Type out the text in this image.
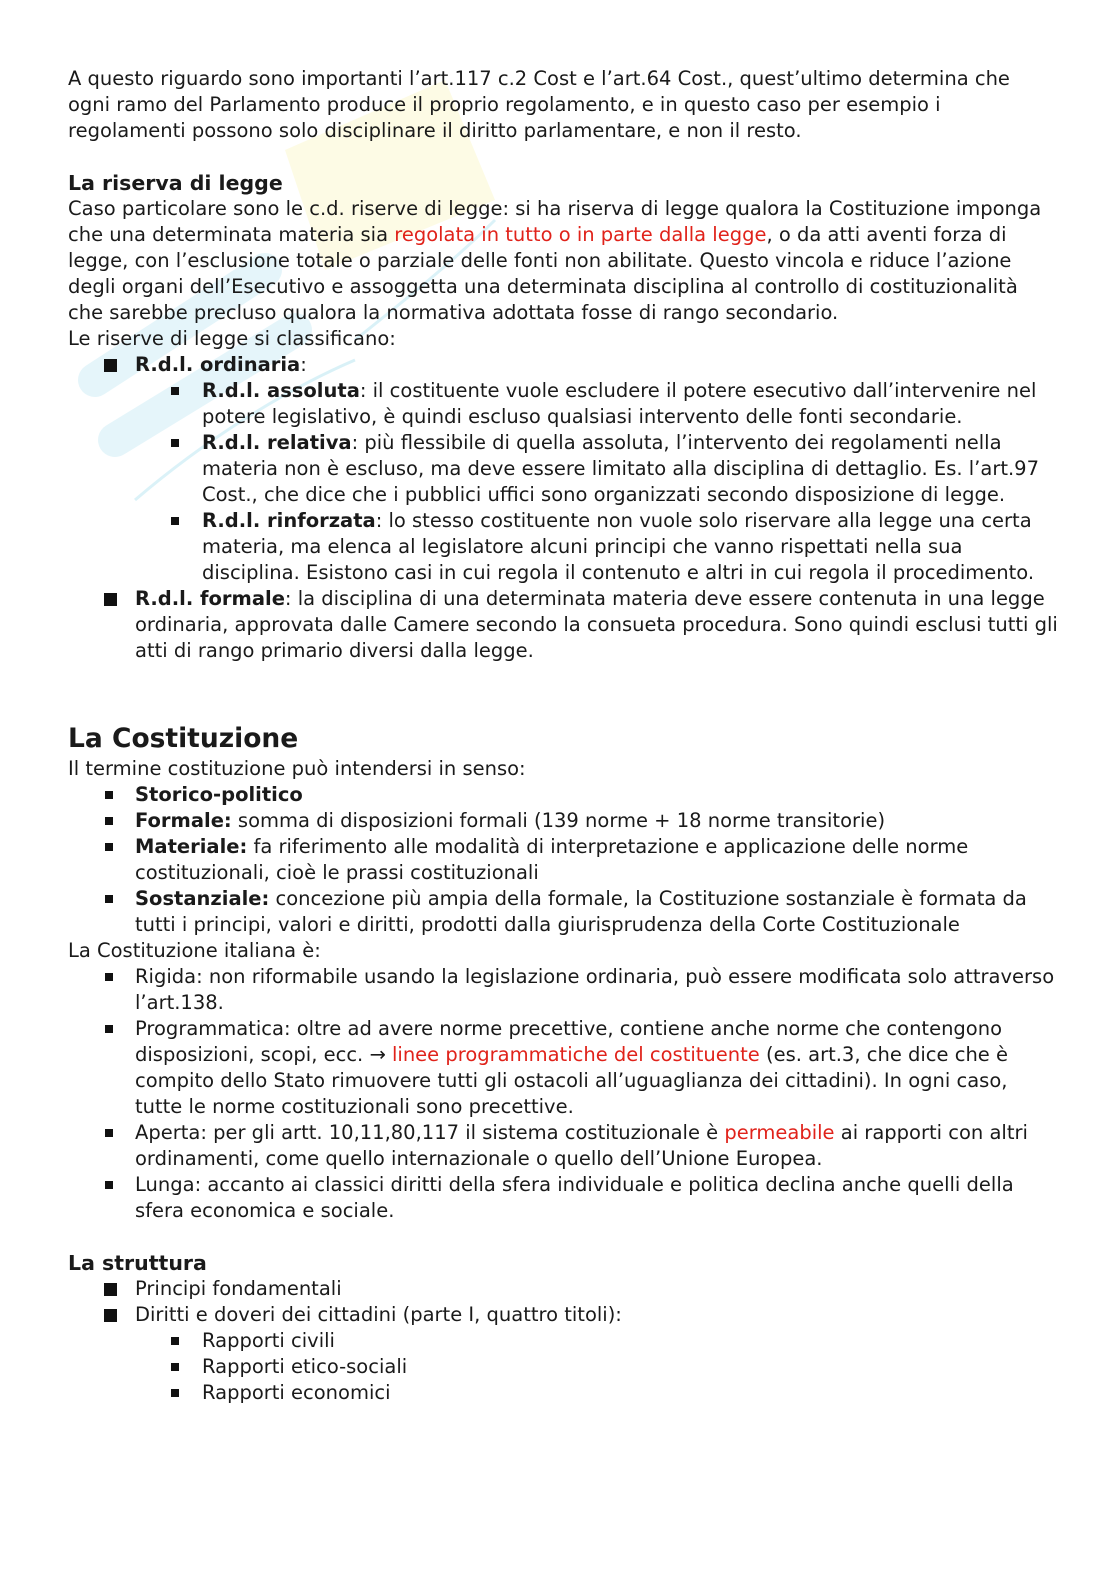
A questo riguardo sono importanti l’art.117 c.2 Cost e l’art.64 Cost., quest’ultimo determina che ogni ramo del Parlamento produce il proprio regolamento, e in questo caso per esempio i regolamenti possono solo disciplinare il diritto parlamentare, e non il resto.

La riserva di legge

Caso particolare sono le c.d. riserve di legge: si ha riserva di legge qualora la Costituzione imponga che una determinata materia sia regolata in tutto o in parte dalla legge, o da atti aventi forza di legge, con l’esclusione totale o parziale delle fonti non abilitate. Questo vincola e riduce l’azione degli organi dell’Esecutivo e assoggetta una determinata disciplina al controllo di costituzionalità che sarebbe precluso qualora la normativa adottata fosse di rango secondario.

Le riserve di legge si classificano:

R.d.l. ordinaria:
R.d.l. assoluta: il costituente vuole escludere il potere esecutivo dall’intervenire nel potere legislativo, è quindi escluso qualsiasi intervento delle fonti secondarie.
R.d.l. relativa: più flessibile di quella assoluta, l’intervento dei regolamenti nella materia non è escluso, ma deve essere limitato alla disciplina di dettaglio. Es. l’art.97 Cost., che dice che i pubblici uffici sono organizzati secondo disposizione di legge.
R.d.l. rinforzata: lo stesso costituente non vuole solo riservare alla legge una certa materia, ma elenca al legislatore alcuni principi che vanno rispettati nella sua disciplina. Esistono casi in cui regola il contenuto e altri in cui regola il procedimento.
R.d.l. formale: la disciplina di una determinata materia deve essere contenuta in una legge ordinaria, approvata dalle Camere secondo la consueta procedura. Sono quindi esclusi tutti gli atti di rango primario diversi dalla legge.

La Costituzione

Il termine costituzione può intendersi in senso:

Storico-politico
Formale: somma di disposizioni formali (139 norme + 18 norme transitorie)
Materiale: fa riferimento alle modalità di interpretazione e applicazione delle norme costituzionali, cioè le prassi costituzionali
Sostanziale: concezione più ampia della formale, la Costituzione sostanziale è formata da tutti i principi, valori e diritti, prodotti dalla giurisprudenza della Corte Costituzionale

La Costituzione italiana è:

Rigida: non riformabile usando la legislazione ordinaria, può essere modificata solo attraverso l’art.138.
Programmatica: oltre ad avere norme precettive, contiene anche norme che contengono disposizioni, scopi, ecc. → linee programmatiche del costituente (es. art.3, che dice che è compito dello Stato rimuovere tutti gli ostacoli all’uguaglianza dei cittadini). In ogni caso, tutte le norme costituzionali sono precettive.
Aperta: per gli artt. 10,11,80,117 il sistema costituzionale è permeabile ai rapporti con altri ordinamenti, come quello internazionale o quello dell’Unione Europea.
Lunga: accanto ai classici diritti della sfera individuale e politica declina anche quelli della sfera economica e sociale.

La struttura

Principi fondamentali
Diritti e doveri dei cittadini (parte I, quattro titoli):
Rapporti civili
Rapporti etico-sociali
Rapporti economici
